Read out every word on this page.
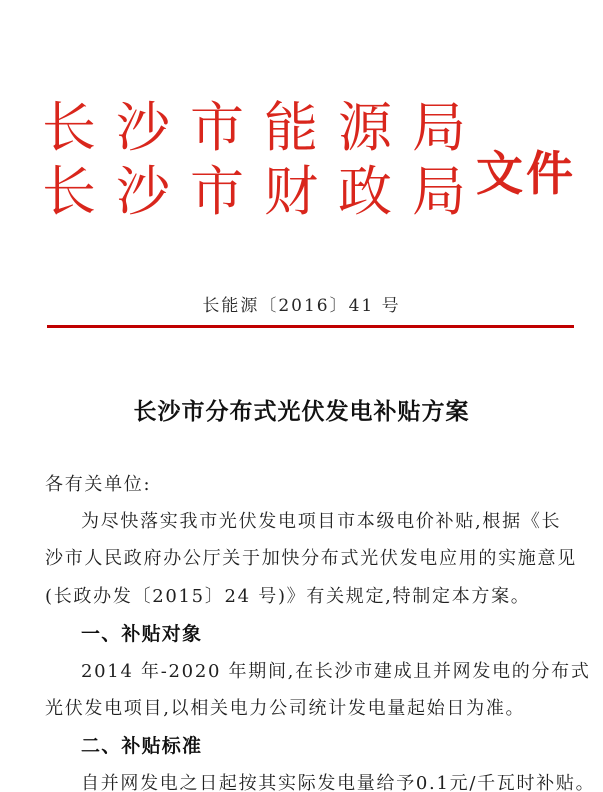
长沙市能源局
长沙市财政局
文件
长能源〔2016〕41 号
长沙市分布式光伏发电补贴方案
各有关单位:
为尽快落实我市光伏发电项目市本级电价补贴,根据《长
沙市人民政府办公厅关于加快分布式光伏发电应用的实施意见
(长政办发〔2015〕24 号)》有关规定,特制定本方案。
一、补贴对象
2014 年-2020 年期间,在长沙市建成且并网发电的分布式
光伏发电项目,以相关电力公司统计发电量起始日为准。
二、补贴标准
自并网发电之日起按其实际发电量给予0.1元/千瓦时补贴。
